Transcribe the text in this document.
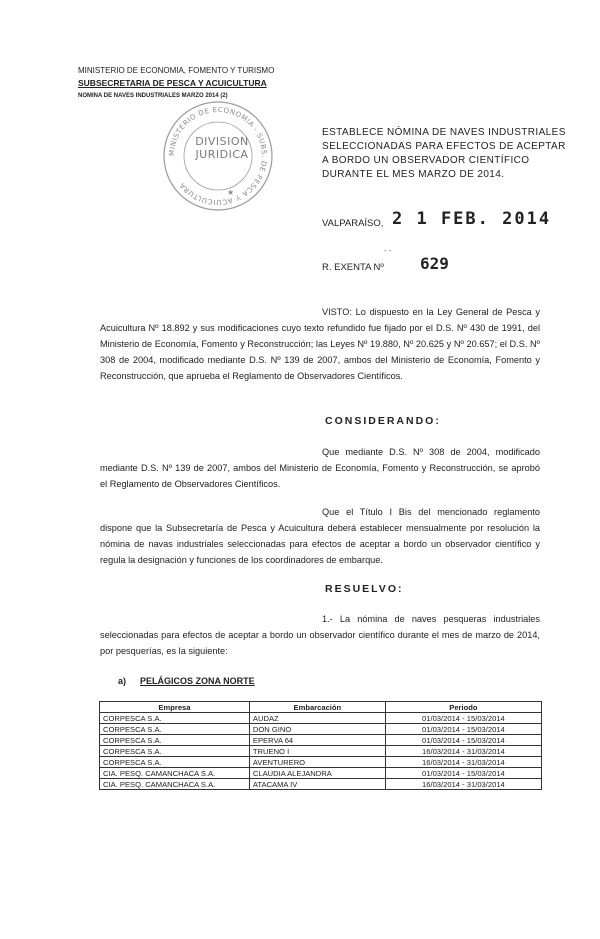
MINISTERIO DE ECONOMIA, FOMENTO Y TURISMO
SUBSECRETARIA DE PESCA Y ACUICULTURA
NOMINA DE NAVES INDUSTRIALES MARZO 2014 (2)
MINISTERIO DE ECONOMIA - SUBS. DE PESCA Y ACUICULTURA
DIVISION
JURIDICA
★
ESTABLECE NÓMINA DE NAVES INDUSTRIALES SELECCIONADAS PARA EFECTOS DE ACEPTAR A BORDO UN OBSERVADOR CIENTÍFICO DURANTE EL MES MARZO DE 2014.
VALPARAÍSO, 2 1 FEB. 2014
- -
R. EXENTA Nº 629
VISTO: Lo dispuesto en la Ley General de Pesca y Acuicultura Nº 18.892 y sus modificaciones cuyo texto refundido fue fijado por el D.S. Nº 430 de 1991, del Ministerio de Economía, Fomento y Reconstrucción; las Leyes Nº 19.880, Nº 20.625 y Nº 20.657; el D.S. Nº 308 de 2004, modificado mediante D.S. Nº 139 de 2007, ambos del Ministerio de Economía, Fomento y Reconstrucción, que aprueba el Reglamento de Observadores Científicos.
CONSIDERANDO:
Que mediante D.S. Nº 308 de 2004, modificado mediante D.S. Nº 139 de 2007, ambos del Ministerio de Economía, Fomento y Reconstrucción, se aprobó el Reglamento de Observadores Científicos.
Que el Título I Bis del mencionado reglamento dispone que la Subsecretaría de Pesca y Acuicultura deberá establecer mensualmente por resolución la nómina de navas industriales seleccionadas para efectos de aceptar a bordo un observador científico y regula la designación y funciones de los coordinadores de embarque.
RESUELVO:
1.- La nómina de naves pesqueras industriales seleccionadas para efectos de aceptar a bordo un observador científico durante el mes de marzo de 2014, por pesquerías, es la siguiente:
a) PELÁGICOS ZONA NORTE
Empresa	Embarcación	Periodo
CORPESCA S.A.	AUDAZ	01/03/2014 - 15/03/2014
CORPESCA S.A.	DON GINO	01/03/2014 - 15/03/2014
CORPESCA S.A.	EPERVA 64	01/03/2014 - 15/03/2014
CORPESCA S.A.	TRUENO I	16/03/2014 - 31/03/2014
CORPESCA S.A.	AVENTURERO	16/03/2014 - 31/03/2014
CIA. PESQ. CAMANCHACA S.A.	CLAUDIA ALEJANDRA	01/03/2014 - 15/03/2014
CIA. PESQ. CAMANCHACA S.A.	ATACAMA IV	16/03/2014 - 31/03/2014
